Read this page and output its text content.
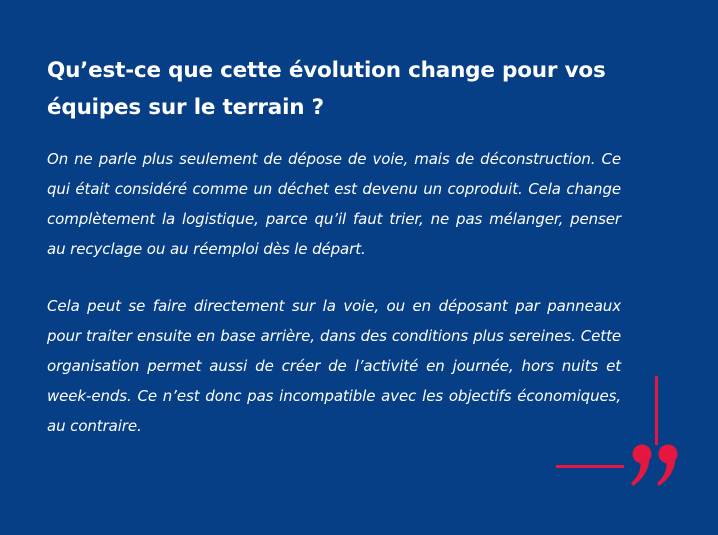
Qu’est-ce que cette évolution change pour vos équipes sur le terrain ?

On ne parle plus seulement de dépose de voie, mais de déconstruction. Ce qui était considéré comme un déchet est devenu un coproduit. Cela change complètement la logistique, parce qu’il faut trier, ne pas mélanger, penser au recyclage ou au réemploi dès le départ.

Cela peut se faire directement sur la voie, ou en déposant par panneaux pour traiter ensuite en base arrière, dans des conditions plus sereines. Cette organisation permet aussi de créer de l’activité en journée, hors nuits et week-ends. Ce n’est donc pas incompatible avec les objectifs économiques, au contraire.
